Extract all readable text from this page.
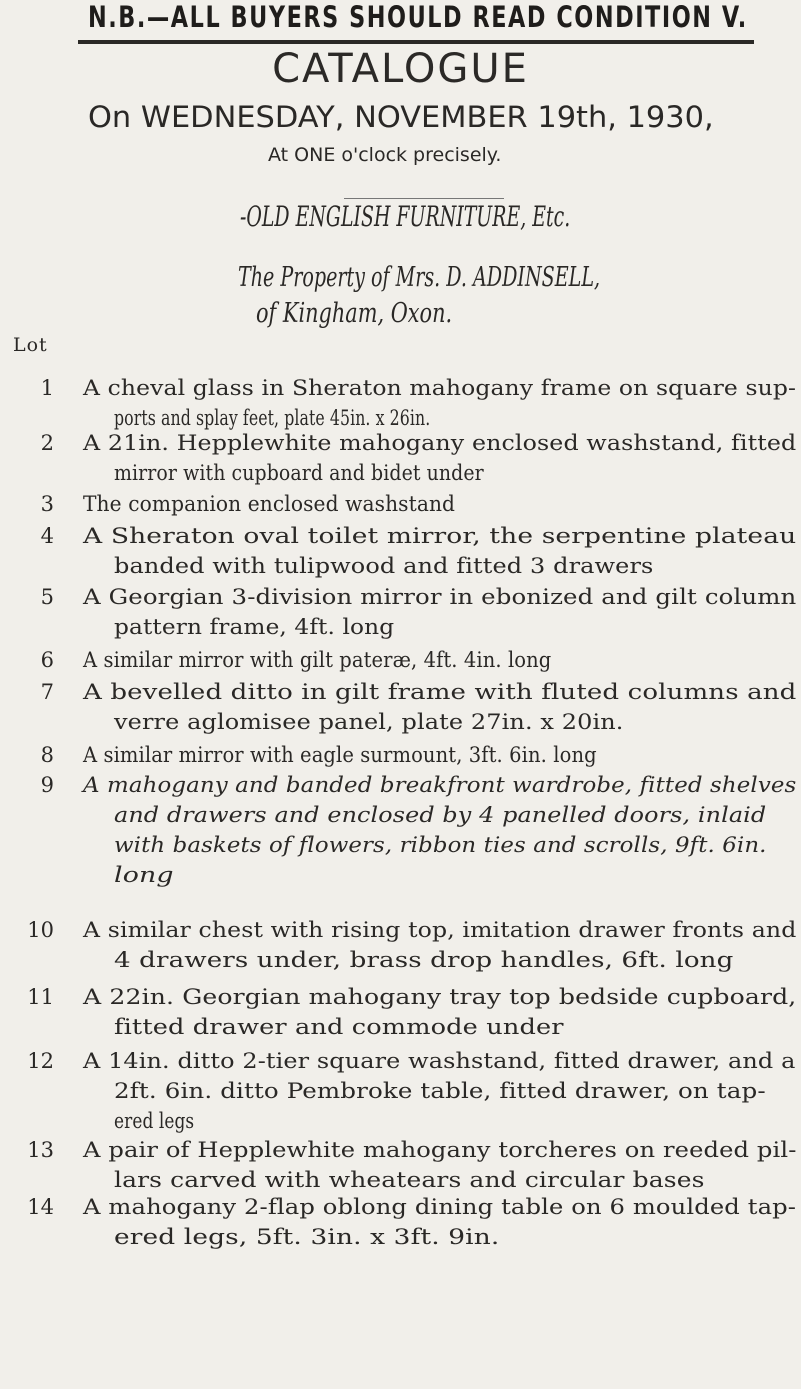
N.B.—ALL BUYERS SHOULD READ CONDITION V.
CATALOGUE
On WEDNESDAY, NOVEMBER 19th, 1930,
At ONE o'clock precisely.
-OLD ENGLISH FURNITURE, Etc.
The Property of Mrs. D. ADDINSELL,
of Kingham, Oxon.
Lot
1 A cheval glass in Sheraton mahogany frame on square sup-
ports and splay feet, plate 45in. x 26in.
2 A 21in. Hepplewhite mahogany enclosed washstand, fitted
mirror with cupboard and bidet under
3 The companion enclosed washstand
4 A Sheraton oval toilet mirror, the serpentine plateau
banded with tulipwood and fitted 3 drawers
5 A Georgian 3-division mirror in ebonized and gilt column
pattern frame, 4ft. long
6 A similar mirror with gilt pateræ, 4ft. 4in. long
7 A bevelled ditto in gilt frame with fluted columns and
verre aglomisee panel, plate 27in. x 20in.
8 A similar mirror with eagle surmount, 3ft. 6in. long
9 A mahogany and banded breakfront wardrobe, fitted shelves
and drawers and enclosed by 4 panelled doors, inlaid
with baskets of flowers, ribbon ties and scrolls, 9ft. 6in.
long
10 A similar chest with rising top, imitation drawer fronts and
4 drawers under, brass drop handles, 6ft. long
11 A 22in. Georgian mahogany tray top bedside cupboard,
fitted drawer and commode under
12 A 14in. ditto 2-tier square washstand, fitted drawer, and a
2ft. 6in. ditto Pembroke table, fitted drawer, on tap-
ered legs
13 A pair of Hepplewhite mahogany torcheres on reeded pil-
lars carved with wheatears and circular bases
14 A mahogany 2-flap oblong dining table on 6 moulded tap-
ered legs, 5ft. 3in. x 3ft. 9in.
